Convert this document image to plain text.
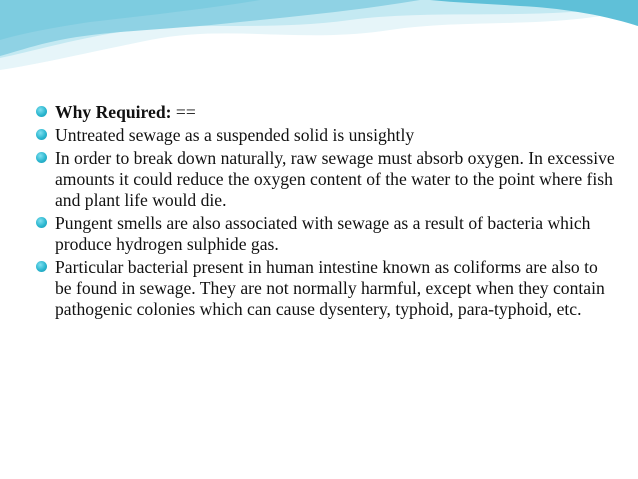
Why Required: ==
Untreated sewage as a suspended solid is unsightly
In order to break down naturally, raw sewage must absorb oxygen. In excessive amounts it could reduce the oxygen content of the water to the point where fish and plant life would die.
Pungent smells are also associated with sewage as a result of bacteria which produce hydrogen sulphide gas.
Particular bacterial present in human intestine known as coliforms are also to be found in sewage. They are not normally harmful, except when they contain pathogenic colonies which can cause dysentery, typhoid, para-typhoid, etc.
